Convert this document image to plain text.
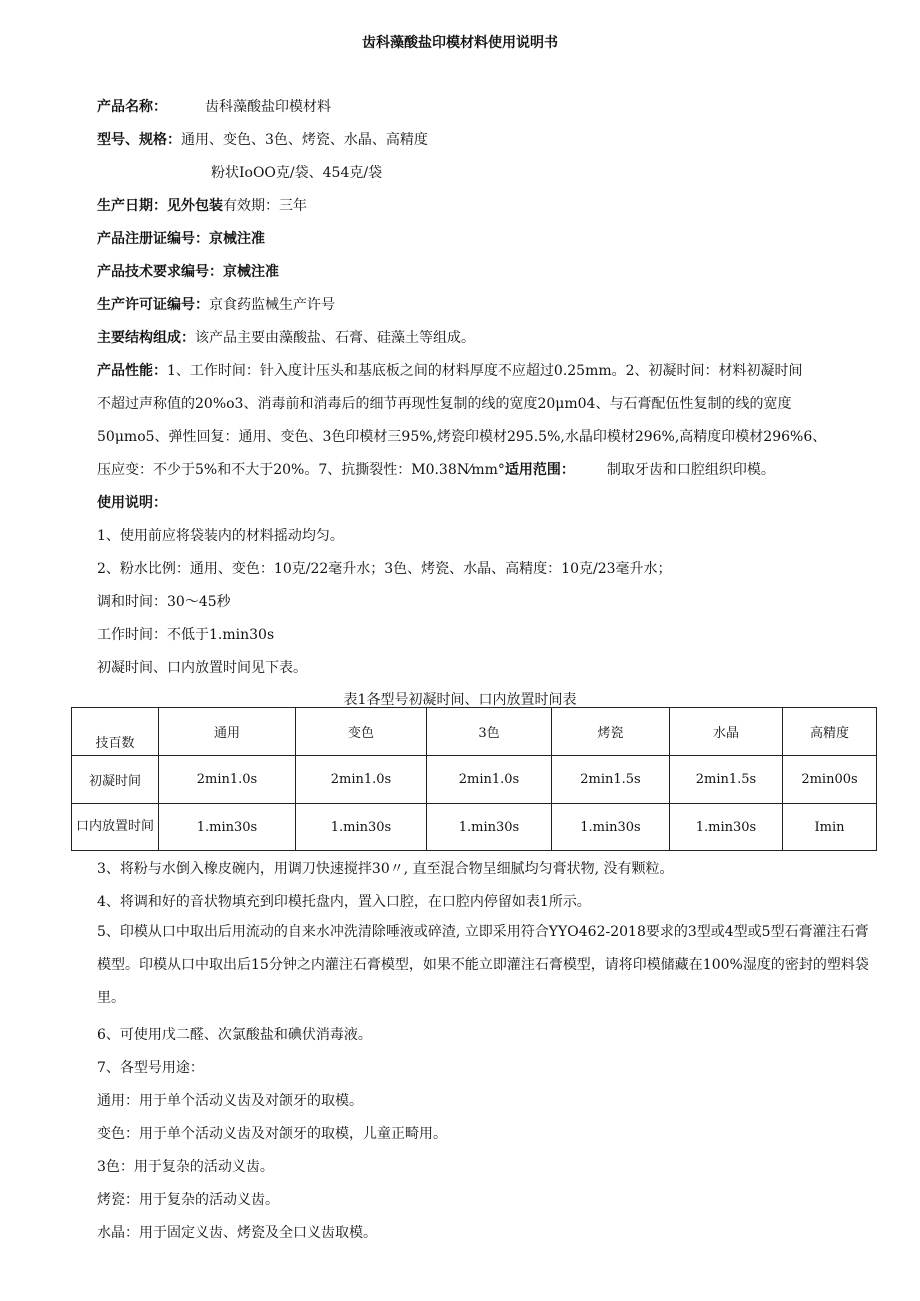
齿科藻酸盐印模材料使用说明书
产品名称：	齿科藻酸盐印模材料
型号、规格：通用、变色、3色、烤瓷、水晶、高精度
粉状IoOO克/袋、454克/袋
生产日期：见外包装有效期：三年
产品注册证编号：京械注准
产品技术要求编号：京械注准
生产许可证编号：京食药监械生产许号
主要结构组成：该产品主要由藻酸盐、石膏、硅藻土等组成。
产品性能：1、工作时间：针入度计压头和基底板之间的材料厚度不应超过0.25mm。2、初凝时间：材料初凝时间
不超过声称值的20%o3、消毒前和消毒后的细节再现性复制的线的宽度20μm04、与石膏配伍性复制的线的宽度
50μmo5、弹性回复：通用、变色、3色印模材三95%,烤瓷印模材295.5%,水晶印模材296%,高精度印模材296%6、
压应变：不少于5%和不大于20%。7、抗撕裂性：M0.38N⁄mm°适用范围： 制取牙齿和口腔组织印模。
使用说明：
1、使用前应将袋装内的材料摇动均匀。
2、粉水比例：通用、变色：10克/22毫升水；3色、烤瓷、水晶、高精度：10克/23毫升水；
调和时间：30～45秒
工作时间：不低于1.min30s
初凝时间、口内放置时间见下表。
表1各型号初凝时间、口内放置时间表
技百数	通用	变色	3色	烤瓷	水晶	高精度
初凝时间	2min1.0s	2min1.0s	2min1.0s	2min1.5s	2min1.5s	2min00s
口内放置时间	1.min30s	1.min30s	1.min30s	1.min30s	1.min30s	Imin
3、将粉与水倒入橡皮碗内，用调刀快速搅拌30〃, 直至混合物呈细腻均匀膏状物, 没有颗粒。
4、将调和好的音状物填充到印模托盘内，置入口腔，在口腔内停留如表1所示。
5、印模从口中取出后用流动的自来水冲洗清除唾液或碎渣, 立即采用符合YYO462-2018要求的3型或4型或5型石膏灌注石膏模型。印模从口中取出后15分钟之内灌注石膏模型，如果不能立即灌注石膏模型，请将印模储藏在100%湿度的密封的塑料袋里。
6、可使用戊二醛、次氯酸盐和碘伏消毒液。
7、各型号用途：
通用：用于单个活动义齿及对颌牙的取模。
变色：用于单个活动义齿及对颌牙的取模，儿童正畸用。
3色：用于复杂的活动义齿。
烤瓷：用于复杂的活动义齿。
水晶：用于固定义齿、烤瓷及全口义齿取模。
